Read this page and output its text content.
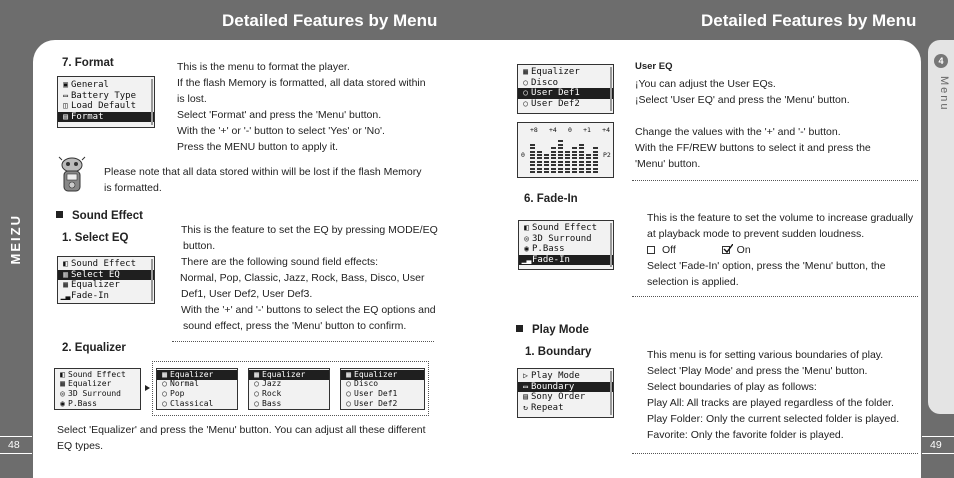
Detailed Features by Menu	Detailed Features by Menu
4
Menu
MEIZU
48	49
7. Format
▣ General
▭ Battery Type
◫ Load Default
▤ Format
This is the menu to format the player.
If the flash Memory is formatted, all data stored within
is lost.
Select 'Format' and press the 'Menu' button.
With the '+' or '-' button to select 'Yes' or 'No'.
Press the MENU button to apply it.
Please note that all data stored within will be lost if the flash Memory
is formatted.
Sound Effect
1. Select EQ
◧ Sound Effect
▥ Select EQ
▦ Equalizer
▁▃ Fade-In
This is the feature to set the EQ by pressing MODE/EQ
button.
There are the following sound field effects:
Normal, Pop, Classic, Jazz, Rock, Bass, Disco, User
Def1, User Def2, User Def3.
With the '+' and '-' buttons to select the EQ options and
sound effect, press the 'Menu' button to confirm.
2. Equalizer
◧ Sound Effect
▦ Equalizer
◎ 3D Surround
◉ P.Bass
▦ Equalizer
○ Normal
○ Pop
○ Classical
▦ Equalizer
○ Jazz
○ Rock
○ Bass
▦ Equalizer
○ Disco
○ User Def1
○ User Def2
Select 'Equalizer' and press the 'Menu' button. You can adjust all these different
EQ types.
▦ Equalizer
○ Disco
○ User Def1
○ User Def2
+8 +4 0 +1 +4
0	P2
User EQ
¡You can adjust the User EQs.
¡Select 'User EQ' and press the 'Menu' button.
Change the values with the '+' and '-' button.
With the FF/REW buttons to select it and press the
'Menu' button.
6. Fade-In
◧ Sound Effect
◎ 3D Surround
◉ P.Bass
▁▃ Fade-In
This is the feature to set the volume to increase gradually
at playback mode to prevent sudden loudness.
Off	On
Select 'Fade-In' option, press the 'Menu' button, the
selection is applied.
Play Mode
1. Boundary
▷ Play Mode
▭ Boundary
▤ Sony Order
↻ Repeat
This menu is for setting various boundaries of play.
Select 'Play Mode' and press the 'Menu' button.
Select boundaries of play as follows:
Play All: All tracks are played regardless of the folder.
Play Folder: Only the current selected folder is played.
Favorite: Only the favorite folder is played.
